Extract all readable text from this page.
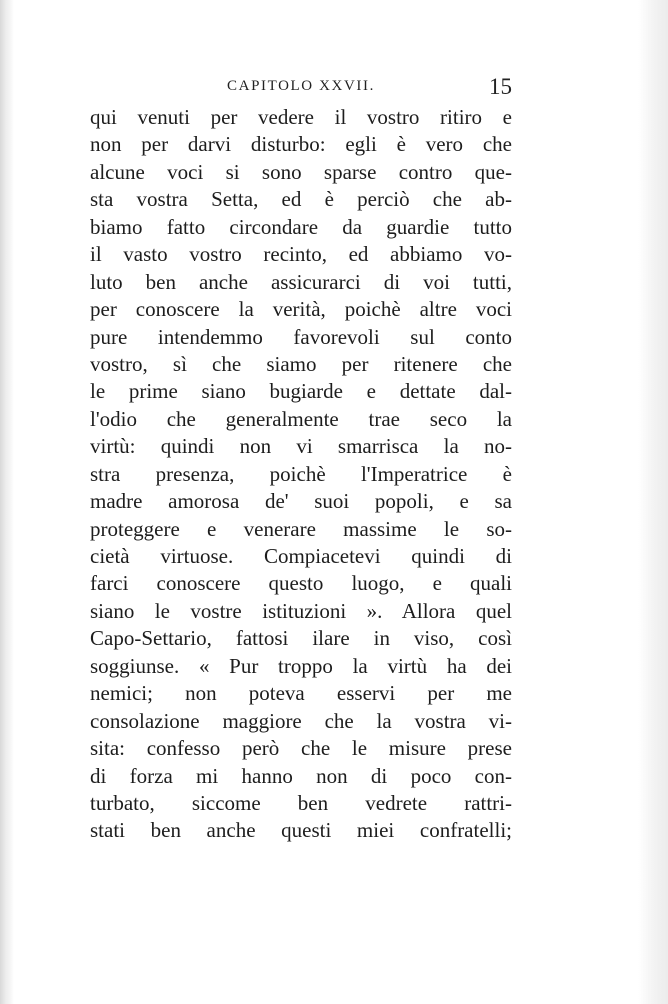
CAPITOLO XXVII.	15
qui venuti per vedere il vostro ritiro e
non per darvi disturbo: egli è vero che
alcune voci si sono sparse contro que-
sta vostra Setta, ed è perciò che ab-
biamo fatto circondare da guardie tutto
il vasto vostro recinto, ed abbiamo vo-
luto ben anche assicurarci di voi tutti,
per conoscere la verità, poichè altre voci
pure intendemmo favorevoli sul conto
vostro, sì che siamo per ritenere che
le prime siano bugiarde e dettate dal-
l'odio che generalmente trae seco la
virtù: quindi non vi smarrisca la no-
stra presenza, poichè l'Imperatrice è
madre amorosa de' suoi popoli, e sa
proteggere e venerare massime le so-
cietà virtuose. Compiacetevi quindi di
farci conoscere questo luogo, e quali
siano le vostre istituzioni ». Allora quel
Capo-Settario, fattosi ilare in viso, così
soggiunse. « Pur troppo la virtù ha dei
nemici; non poteva esservi per me
consolazione maggiore che la vostra vi-
sita: confesso però che le misure prese
di forza mi hanno non di poco con-
turbato, siccome ben vedrete rattri-
stati ben anche questi miei confratelli;
